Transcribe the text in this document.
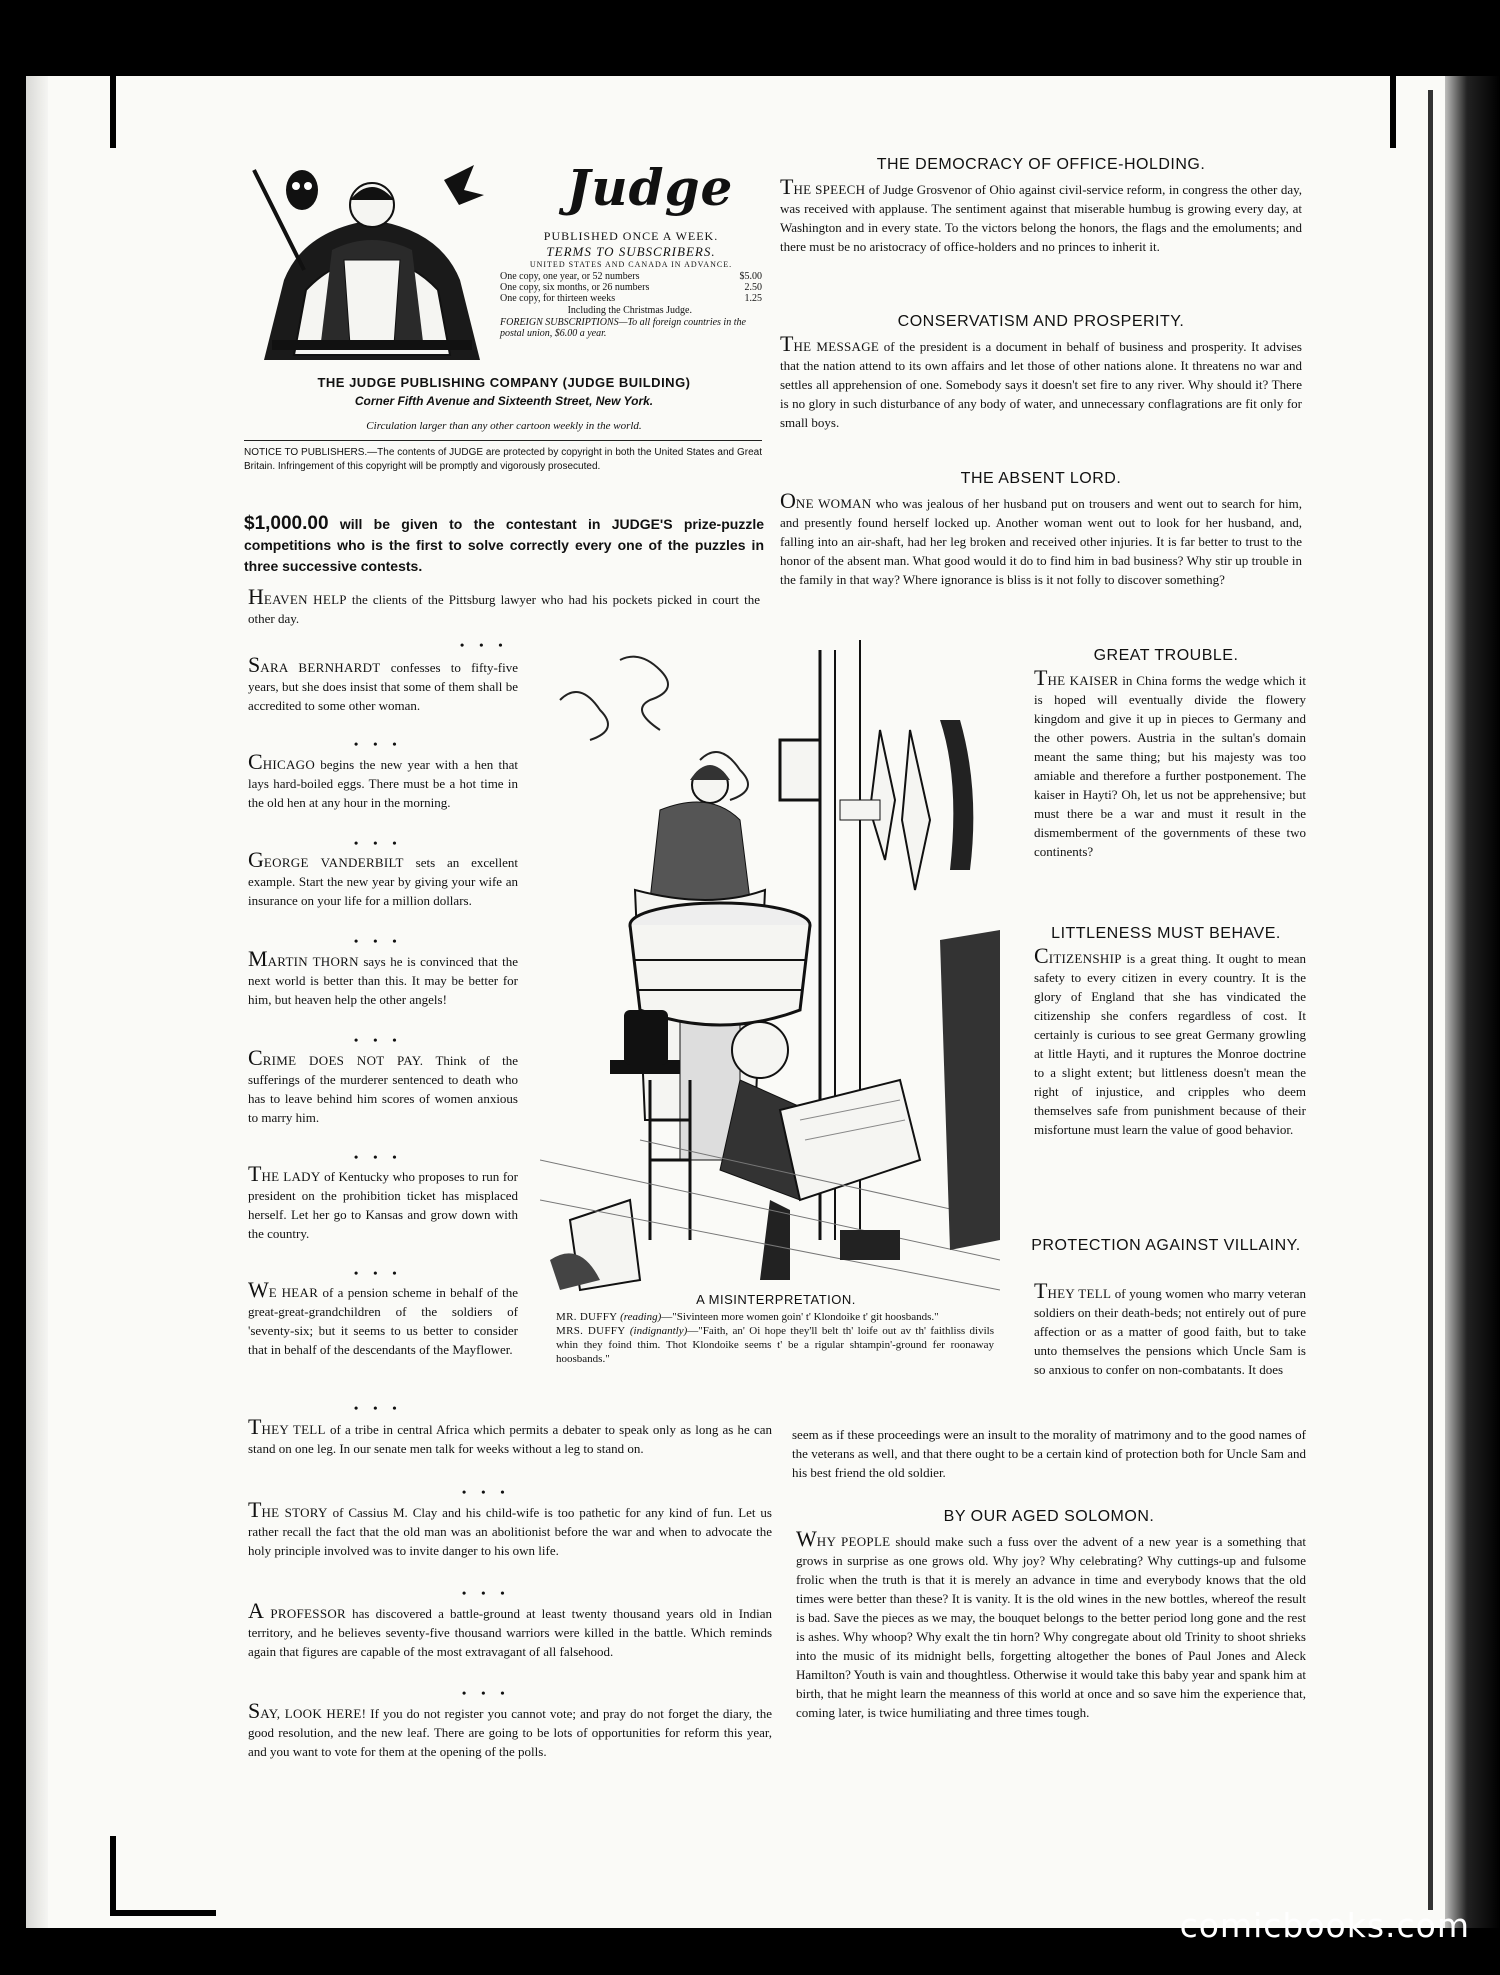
Judge
PUBLISHED ONCE A WEEK.
TERMS TO SUBSCRIBERS.
UNITED STATES AND CANADA IN ADVANCE.
One copy, one year, or 52 numbers	$5.00
One copy, six months, or 26 numbers	2.50
One copy, for thirteen weeks	1.25
Including the Christmas Judge.
FOREIGN SUBSCRIPTIONS—To all foreign countries in the postal union, $6.00 a year.
THE JUDGE PUBLISHING COMPANY (JUDGE BUILDING)
Corner Fifth Avenue and Sixteenth Street, New York.
Circulation larger than any other cartoon weekly in the world.
NOTICE TO PUBLISHERS.—The contents of JUDGE are protected by copyright in both the United States and Great Britain. Infringement of this copyright will be promptly and vigorously prosecuted.
$1,000.00 will be given to the contestant in JUDGE'S prize-puzzle competitions who is the first to solve correctly every one of the puzzles in three successive contests.
HEAVEN HELP the clients of the Pittsburg lawyer who had his pockets picked in court the other day.
• • •
SARA BERNHARDT confesses to fifty-five years, but she does insist that some of them shall be accredited to some other woman.
• • •
CHICAGO begins the new year with a hen that lays hard-boiled eggs. There must be a hot time in the old hen at any hour in the morning.
• • •
GEORGE VANDERBILT sets an excellent example. Start the new year by giving your wife an insurance on your life for a million dollars.
• • •
MARTIN THORN says he is convinced that the next world is better than this. It may be better for him, but heaven help the other angels!
• • •
CRIME DOES NOT PAY. Think of the sufferings of the murderer sentenced to death who has to leave behind him scores of women anxious to marry him.
• • •
THE LADY of Kentucky who proposes to run for president on the prohibition ticket has misplaced herself. Let her go to Kansas and grow down with the country.
• • •
WE HEAR of a pension scheme in behalf of the great-great-grandchildren of the soldiers of 'seventy-six; but it seems to us better to consider that in behalf of the descendants of the Mayflower.
• • •
THEY TELL of a tribe in central Africa which permits a debater to speak only as long as he can stand on one leg. In our senate men talk for weeks without a leg to stand on.
• • •
THE STORY of Cassius M. Clay and his child-wife is too pathetic for any kind of fun. Let us rather recall the fact that the old man was an abolitionist before the war and when to advocate the holy principle involved was to invite danger to his own life.
• • •
A PROFESSOR has discovered a battle-ground at least twenty thousand years old in Indian territory, and he believes seventy-five thousand warriors were killed in the battle. Which reminds again that figures are capable of the most extravagant of all falsehood.
• • •
SAY, LOOK HERE! If you do not register you cannot vote; and pray do not forget the diary, the good resolution, and the new leaf. There are going to be lots of opportunities for reform this year, and you want to vote for them at the opening of the polls.
THE DEMOCRACY OF OFFICE-HOLDING.
THE SPEECH of Judge Grosvenor of Ohio against civil-service reform, in congress the other day, was received with applause. The sentiment against that miserable humbug is growing every day, at Washington and in every state. To the victors belong the honors, the flags and the emoluments; and there must be no aristocracy of office-holders and no princes to inherit it.
CONSERVATISM AND PROSPERITY.
THE MESSAGE of the president is a document in behalf of business and prosperity. It advises that the nation attend to its own affairs and let those of other nations alone. It threatens no war and settles all apprehension of one. Somebody says it doesn't set fire to any river. Why should it? There is no glory in such disturbance of any body of water, and unnecessary conflagrations are fit only for small boys.
THE ABSENT LORD.
ONE WOMAN who was jealous of her husband put on trousers and went out to search for him, and presently found herself locked up. Another woman went out to look for her husband, and, falling into an air-shaft, had her leg broken and received other injuries. It is far better to trust to the honor of the absent man. What good would it do to find him in bad business? Why stir up trouble in the family in that way? Where ignorance is bliss is it not folly to discover something?
GREAT TROUBLE.
THE KAISER in China forms the wedge which it is hoped will eventually divide the flowery kingdom and give it up in pieces to Germany and the other powers. Austria in the sultan's domain meant the same thing; but his majesty was too amiable and therefore a further postponement. The kaiser in Hayti? Oh, let us not be apprehensive; but must there be a war and must it result in the dismemberment of the governments of these two continents?
LITTLENESS MUST BEHAVE.
CITIZENSHIP is a great thing. It ought to mean safety to every citizen in every country. It is the glory of England that she has vindicated the citizenship she confers regardless of cost. It certainly is curious to see great Germany growling at little Hayti, and it ruptures the Monroe doctrine to a slight extent; but littleness doesn't mean the right of injustice, and cripples who deem themselves safe from punishment because of their misfortune must learn the value of good behavior.
PROTECTION AGAINST VILLAINY.
THEY TELL of young women who marry veteran soldiers on their death-beds; not entirely out of pure affection or as a matter of good faith, but to take unto themselves the pensions which Uncle Sam is so anxious to confer on non-combatants. It does
seem as if these proceedings were an insult to the morality of matrimony and to the good names of the veterans as well, and that there ought to be a certain kind of protection both for Uncle Sam and his best friend the old soldier.
BY OUR AGED SOLOMON.
WHY PEOPLE should make such a fuss over the advent of a new year is a something that grows in surprise as one grows old. Why joy? Why celebrating? Why cuttings-up and fulsome frolic when the truth is that it is merely an advance in time and everybody knows that the old times were better than these? It is vanity. It is the old wines in the new bottles, whereof the result is bad. Save the pieces as we may, the bouquet belongs to the better period long gone and the rest is ashes. Why whoop? Why exalt the tin horn? Why congregate about old Trinity to shoot shrieks into the music of its midnight bells, forgetting altogether the bones of Paul Jones and Aleck Hamilton? Youth is vain and thoughtless. Otherwise it would take this baby year and spank him at birth, that he might learn the meanness of this world at once and so save him the experience that, coming later, is twice humiliating and three times tough.
A MISINTERPRETATION.
MR. DUFFY (reading)—"Sivinteen more women goin' t' Klondoike t' git hoosbands."
MRS. DUFFY (indignantly)—"Faith, an' Oi hope they'll belt th' loife out av th' faithliss divils whin they foind thim. Thot Klondoike seems t' be a rigular shtampin'-ground fer roonaway hoosbands."
comicbooks.com
